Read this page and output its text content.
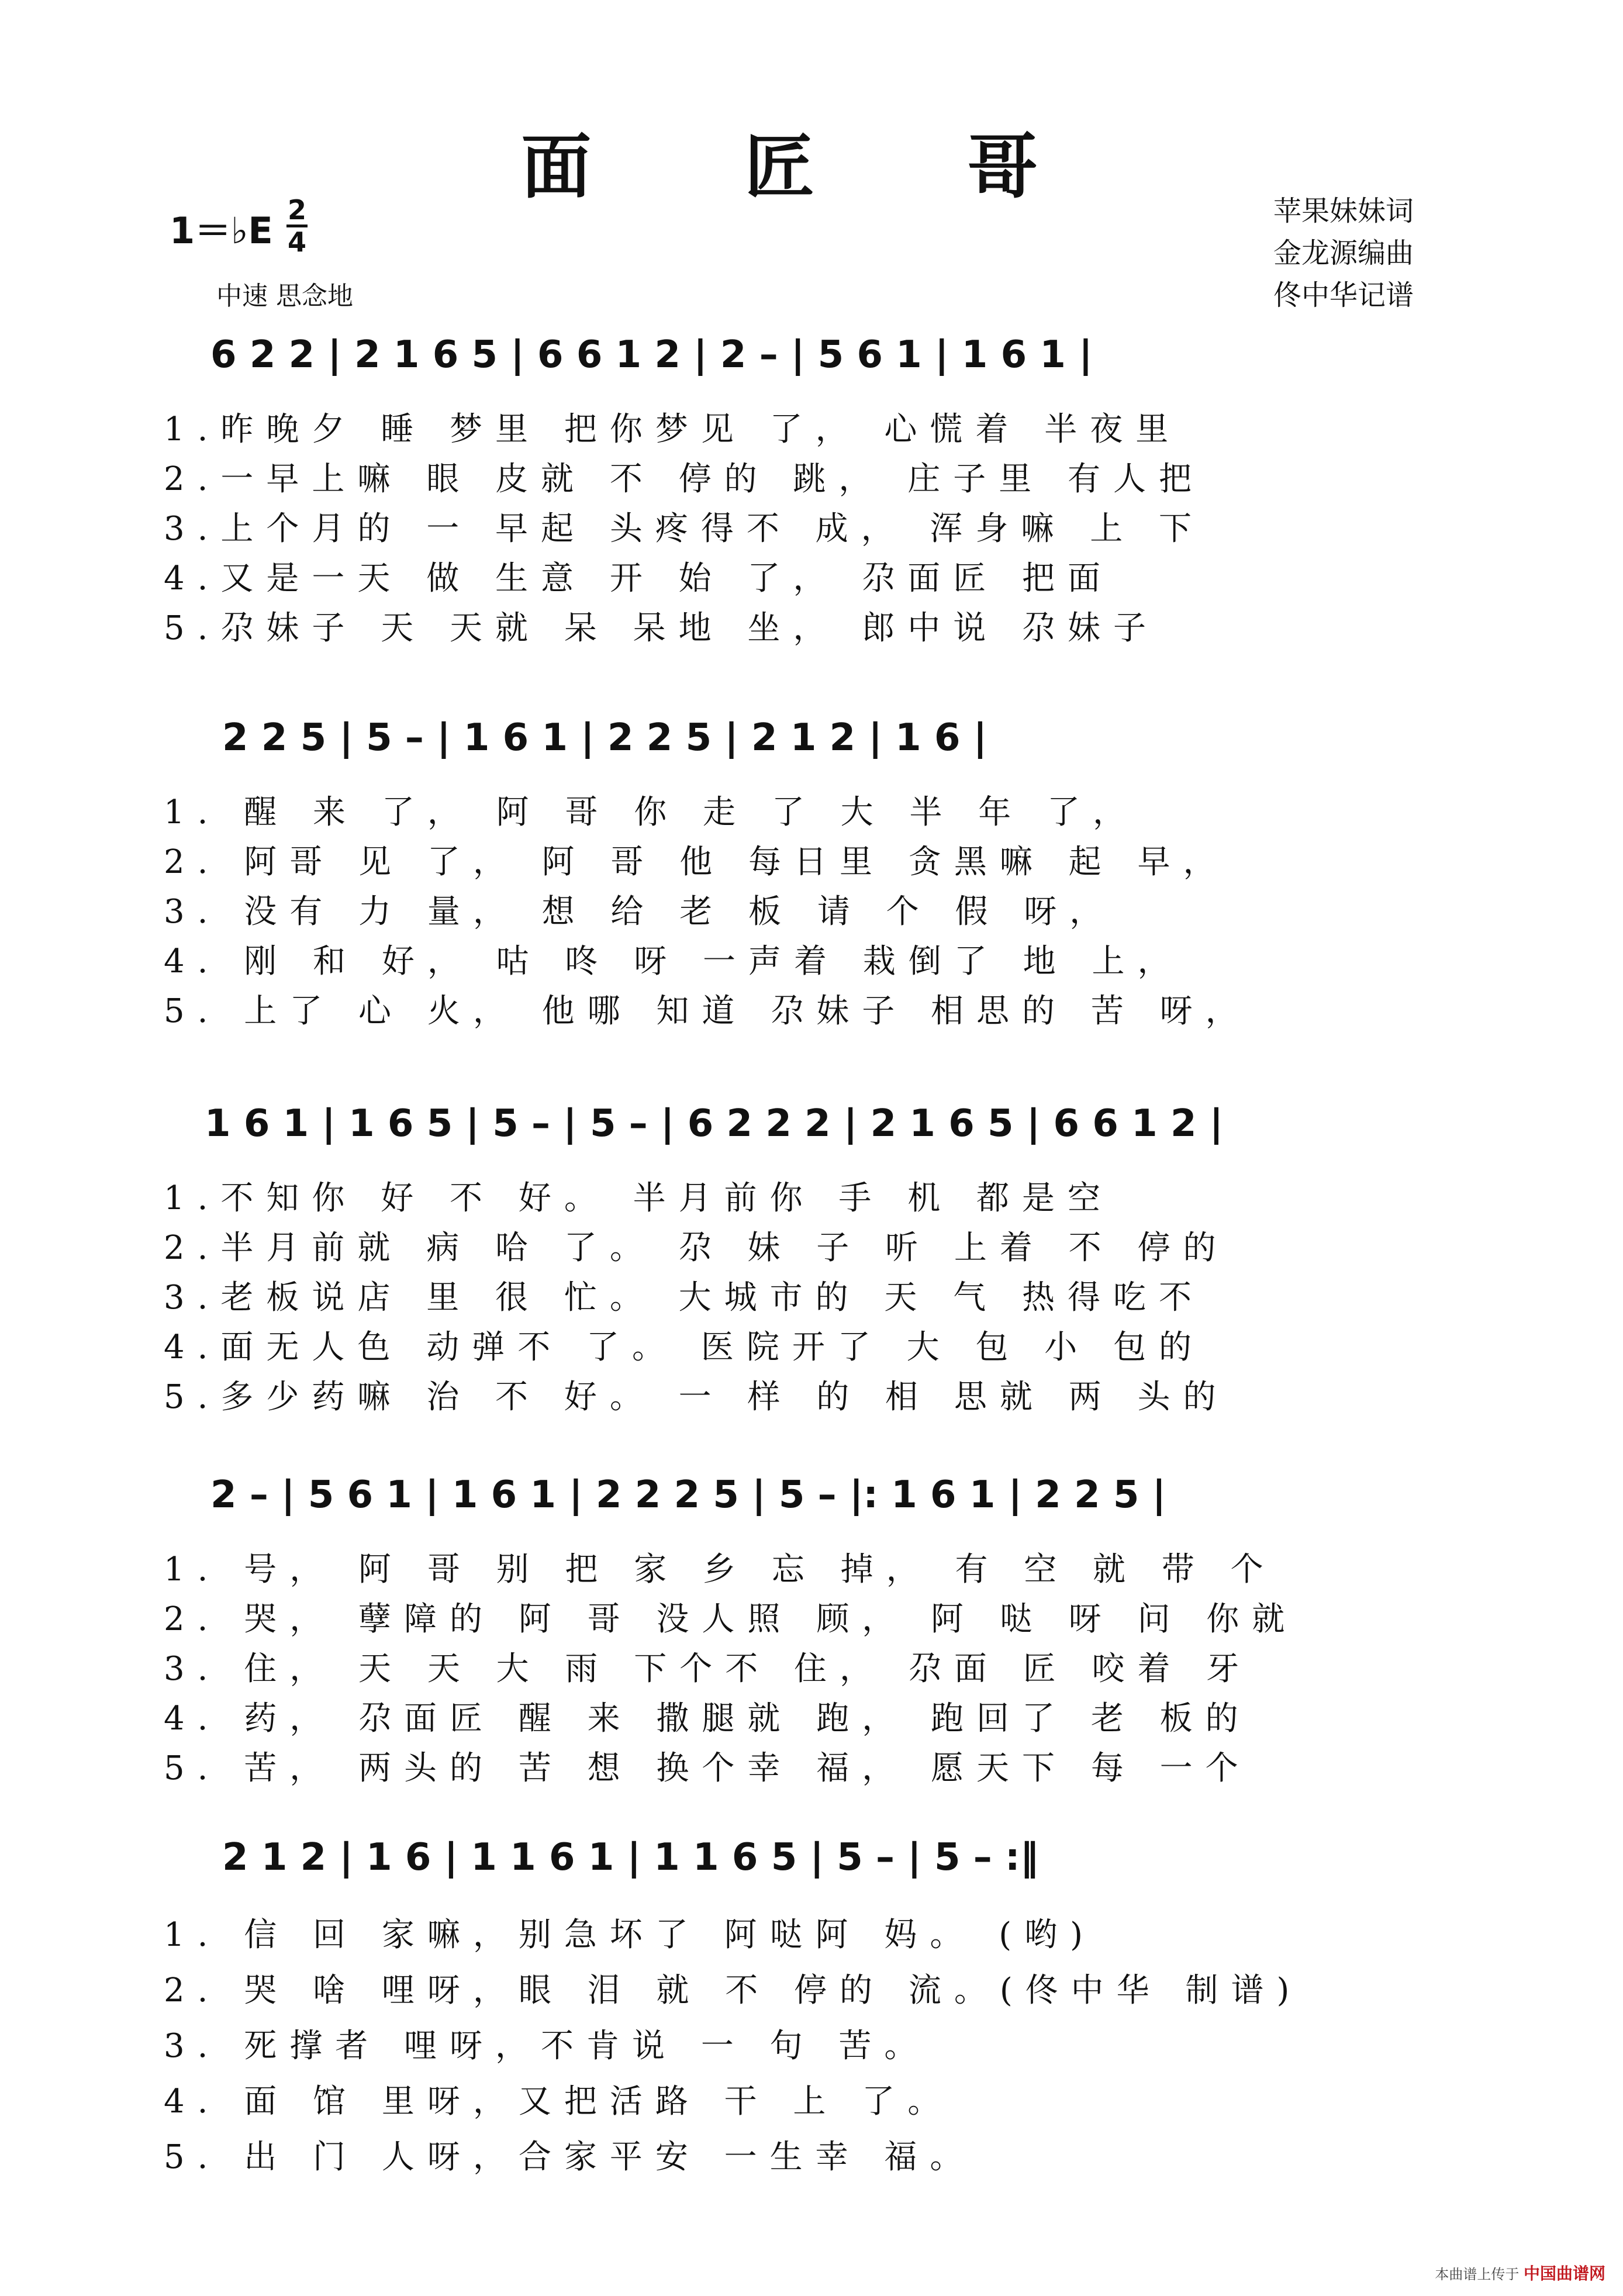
面 匠 哥
1＝♭E 2
4
中速 思念地
苹果妹妹词
金龙源编曲
佟中华记谱
6 2 2 | 2 1 6 5 | 6 6 1 2 | 2 – | 5 6 1 | 1 6 1 |
1.昨晚夕 睡 梦里 把你梦见 了， 心慌着 半夜里
2.一早上嘛 眼 皮就 不 停的 跳， 庄子里 有人把
3.上个月的 一 早起 头疼得不 成， 浑身嘛 上 下
4.又是一天 做 生意 开 始 了， 尕面匠 把面
5.尕妹子 天 天就 呆 呆地 坐， 郎中说 尕妹子
2 2 5 | 5 – | 1 6 1 | 2 2 5 | 2 1 2 | 1 6 |
1. 醒 来 了， 阿 哥 你 走 了 大 半 年 了，
2. 阿哥 见 了， 阿 哥 他 每日里 贪黑嘛 起 早，
3. 没有 力 量， 想 给 老 板 请 个 假 呀，
4. 刚 和 好， 咕 咚 呀 一声着 栽倒了 地 上，
5. 上了 心 火， 他哪 知道 尕妹子 相思的 苦 呀，
1 6 1 | 1 6 5 | 5 – | 5 – | 6 2 2 2 | 2 1 6 5 | 6 6 1 2 |
1.不知你 好 不 好。 半月前你 手 机 都是空
2.半月前就 病 哈 了。 尕 妹 子 听 上着 不 停的
3.老板说店 里 很 忙。 大城市的 天 气 热得吃不
4.面无人色 动弹不 了。 医院开了 大 包 小 包的
5.多少药嘛 治 不 好。 一 样 的 相 思就 两 头的
2 – | 5 6 1 | 1 6 1 | 2 2 2 5 | 5 – |: 1 6 1 | 2 2 5 |
1. 号， 阿 哥 别 把 家 乡 忘 掉， 有 空 就 带 个
2. 哭， 孽障的 阿 哥 没人照 顾， 阿 哒 呀 问 你就
3. 住， 天 天 大 雨 下个不 住， 尕面 匠 咬着 牙
4. 药， 尕面匠 醒 来 撒腿就 跑， 跑回了 老 板的
5. 苦， 两头的 苦 想 换个幸 福， 愿天下 每 一个
2 1 2 | 1 6 | 1 1 6 1 | 1 1 6 5 | 5 – | 5 – :‖
1. 信 回 家嘛，别急坏了 阿哒阿 妈。 (哟)
2. 哭 啥 哩呀，眼 泪 就 不 停的 流。(佟中华 制谱)
3. 死撑者 哩呀，不肯说 一 句 苦。
4. 面 馆 里呀，又把活路 干 上 了。
5. 出 门 人呀，合家平安 一生幸 福。
本曲谱上传于 中国曲谱网
